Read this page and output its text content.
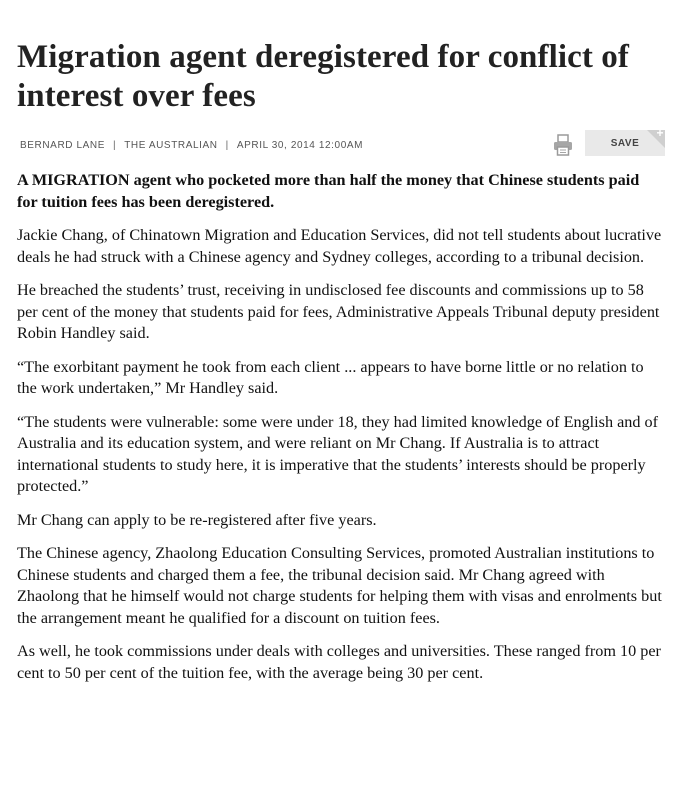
Migration agent deregistered for conflict of interest over fees
BERNARD LANE | THE AUSTRALIAN | APRIL 30, 2014 12:00AM	SAVE
+

A MIGRATION agent who pocketed more than half the money that Chinese students paid for tuition fees has been deregistered.

Jackie Chang, of Chinatown Migration and Education Services, did not tell students about lucrative deals he had struck with a Chinese agency and Sydney colleges, according to a tribunal decision.

He breached the students’ trust, receiving in undisclosed fee discounts and commissions up to 58 per cent of the money that students paid for fees, Administrative Appeals Tribunal deputy president Robin Handley said.

“The exorbitant payment he took from each client ... appears to have borne little or no relation to the work undertaken,” Mr Handley said.

“The students were vulnerable: some were under 18, they had limited knowledge of English and of Australia and its education system, and were reliant on Mr Chang. If Australia is to attract international students to study here, it is imperative that the students’ interests should be properly protected.”

Mr Chang can apply to be re-registered after five years.

The Chinese agency, Zhaolong Education Consulting Services, promoted Australian institutions to Chinese students and charged them a fee, the tribunal decision said. Mr Chang agreed with Zhaolong that he himself would not charge students for helping them with visas and enrolments but the arrangement meant he qualified for a discount on tuition fees.

As well, he took commissions under deals with colleges and universities. These ranged from 10 per cent to 50 per cent of the tuition fee, with the average being 30 per cent.
